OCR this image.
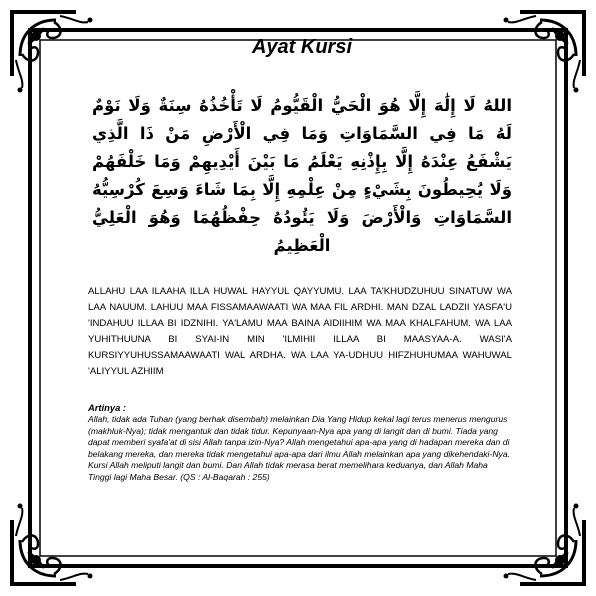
Ayat Kursi
اللهُ لَا إِلَٰهَ إِلَّا هُوَ الْحَيُّ الْقَيُّومُ لَا تَأْخُذُهُ سِنَةٌ وَلَا نَوْمٌ لَهُ مَا فِي السَّمَاوَاتِ وَمَا فِي الْأَرْضِ مَنْ ذَا الَّذِي يَشْفَعُ عِنْدَهُ إِلَّا بِإِذْنِهِ يَعْلَمُ مَا بَيْنَ أَيْدِيهِمْ وَمَا خَلْفَهُمْ وَلَا يُحِيطُونَ بِشَيْءٍ مِنْ عِلْمِهِ إِلَّا بِمَا شَاءَ وَسِعَ كُرْسِيُّهُ السَّمَاوَاتِ وَالْأَرْضَ وَلَا يَئُودُهُ حِفْظُهُمَا وَهُوَ الْعَلِيُّ الْعَظِيمُ
ALLAHU LAA ILAAHA ILLA HUWAL HAYYUL QAYYUMU. LAA TA'KHUDZUHUU SINATUW WA LAA NAUUM. LAHUU MAA FISSAMAAWAATI WA MAA FIL ARDHI. MAN DZAL LADZII YASFA'U 'INDAHUU ILLAA BI IDZNIHI. YA'LAMU MAA BAINA AIDIIHIM WA MAA KHALFAHUM. WA LAA YUHITHUUNA BI SYAI-IN MIN 'ILMIHII ILLAA BI MAASYAA-A. WASI'A KURSIYYUHUSSAMAAWAATI WAL ARDHA. WA LAA YA-UDHUU HIFZHUHUMAA WAHUWAL 'ALIYYUL AZHIIM
Artinya :
Allah, tidak ada Tuhan (yang berhak disembah) melainkan Dia Yang Hidup kekal lagi terus menerus mengurus (makhluk-Nya); tidak mengantuk dan tidak tidur. Kepunyaan-Nya apa yang di langit dan di bumi. Tiada yang dapat memberi syafa'at di sisi Allah tanpa izin-Nya? Allah mengetahui apa-apa yang di hadapan mereka dan di belakang mereka, dan mereka tidak mengetahui apa-apa dari ilmu Allah melainkan apa yang dikehendaki-Nya. Kursi Allah meliputi langit dan bumi. Dan Allah tidak merasa berat memelihara keduanya, dan Allah Maha Tinggi lagi Maha Besar. (QS : Al-Baqarah : 255)
